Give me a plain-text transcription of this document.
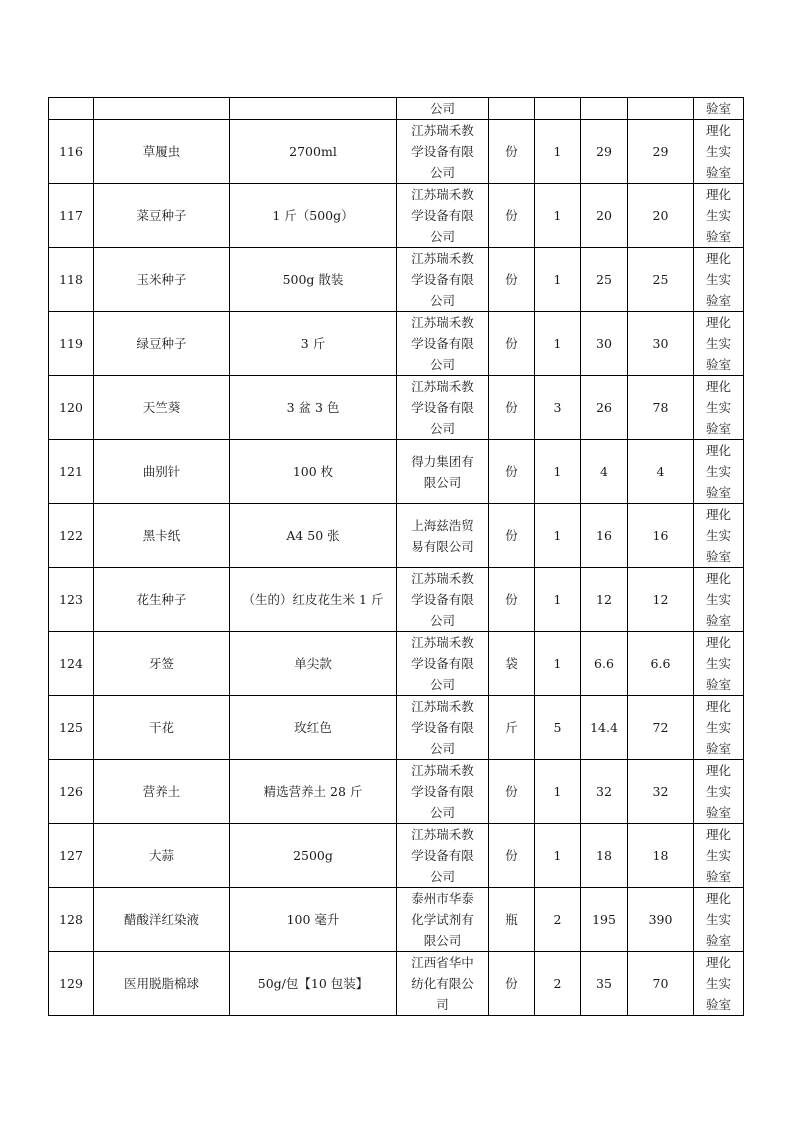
			公司					验室
116	草履虫	2700ml	江苏瑞禾教
学设备有限
公司	份	1	29	29	理化
生实
验室
117	菜豆种子	1 斤（500g）	江苏瑞禾教
学设备有限
公司	份	1	20	20	理化
生实
验室
118	玉米种子	500g 散装	江苏瑞禾教
学设备有限
公司	份	1	25	25	理化
生实
验室
119	绿豆种子	3 斤	江苏瑞禾教
学设备有限
公司	份	1	30	30	理化
生实
验室
120	天竺葵	3 盆 3 色	江苏瑞禾教
学设备有限
公司	份	3	26	78	理化
生实
验室
121	曲别针	100 枚	得力集团有
限公司	份	1	4	4	理化
生实
验室
122	黑卡纸	A4 50 张	上海兹浩贸
易有限公司	份	1	16	16	理化
生实
验室
123	花生种子	（生的）红皮花生米 1 斤	江苏瑞禾教
学设备有限
公司	份	1	12	12	理化
生实
验室
124	牙签	单尖款	江苏瑞禾教
学设备有限
公司	袋	1	6.6	6.6	理化
生实
验室
125	干花	玫红色	江苏瑞禾教
学设备有限
公司	斤	5	14.4	72	理化
生实
验室
126	营养土	精选营养土 28 斤	江苏瑞禾教
学设备有限
公司	份	1	32	32	理化
生实
验室
127	大蒜	2500g	江苏瑞禾教
学设备有限
公司	份	1	18	18	理化
生实
验室
128	醋酸洋红染液	100 毫升	泰州市华泰
化学试剂有
限公司	瓶	2	195	390	理化
生实
验室
129	医用脱脂棉球	50g/包【10 包装】	江西省华中
纺化有限公
司	份	2	35	70	理化
生实
验室
